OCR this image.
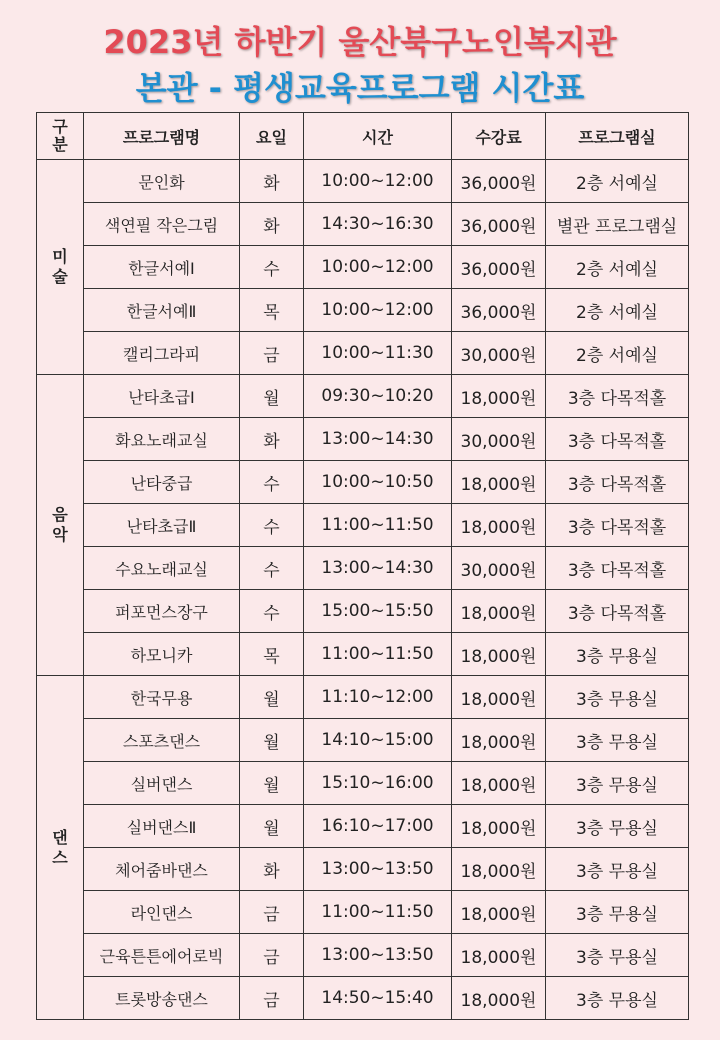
2023년 하반기 울산북구노인복지관
본관 - 평생교육프로그램 시간표
구
분	프로그램명	요일	시간	수강료	프로그램실

미
술	문인화	화	10:00~12:00	36,000원	2층 서예실
	색연필 작은그림	화	14:30~16:30	36,000원	별관 프로그램실
	한글서예Ⅰ	수	10:00~12:00	36,000원	2층 서예실
	한글서예Ⅱ	목	10:00~12:00	36,000원	2층 서예실
	캘리그라피	금	10:00~11:30	30,000원	2층 서예실

음
악	난타초급Ⅰ	월	09:30~10:20	18,000원	3층 다목적홀
	화요노래교실	화	13:00~14:30	30,000원	3층 다목적홀
	난타중급	수	10:00~10:50	18,000원	3층 다목적홀
	난타초급Ⅱ	수	11:00~11:50	18,000원	3층 다목적홀
	수요노래교실	수	13:00~14:30	30,000원	3층 다목적홀
	퍼포먼스장구	수	15:00~15:50	18,000원	3층 다목적홀
	하모니카	목	11:00~11:50	18,000원	3층 무용실

댄
스	한국무용	월	11:10~12:00	18,000원	3층 무용실
	스포츠댄스	월	14:10~15:00	18,000원	3층 무용실
	실버댄스	월	15:10~16:00	18,000원	3층 무용실
	실버댄스Ⅱ	월	16:10~17:00	18,000원	3층 무용실
	체어줌바댄스	화	13:00~13:50	18,000원	3층 무용실
	라인댄스	금	11:00~11:50	18,000원	3층 무용실
	근육튼튼에어로빅	금	13:00~13:50	18,000원	3층 무용실
	트롯방송댄스	금	14:50~15:40	18,000원	3층 무용실
